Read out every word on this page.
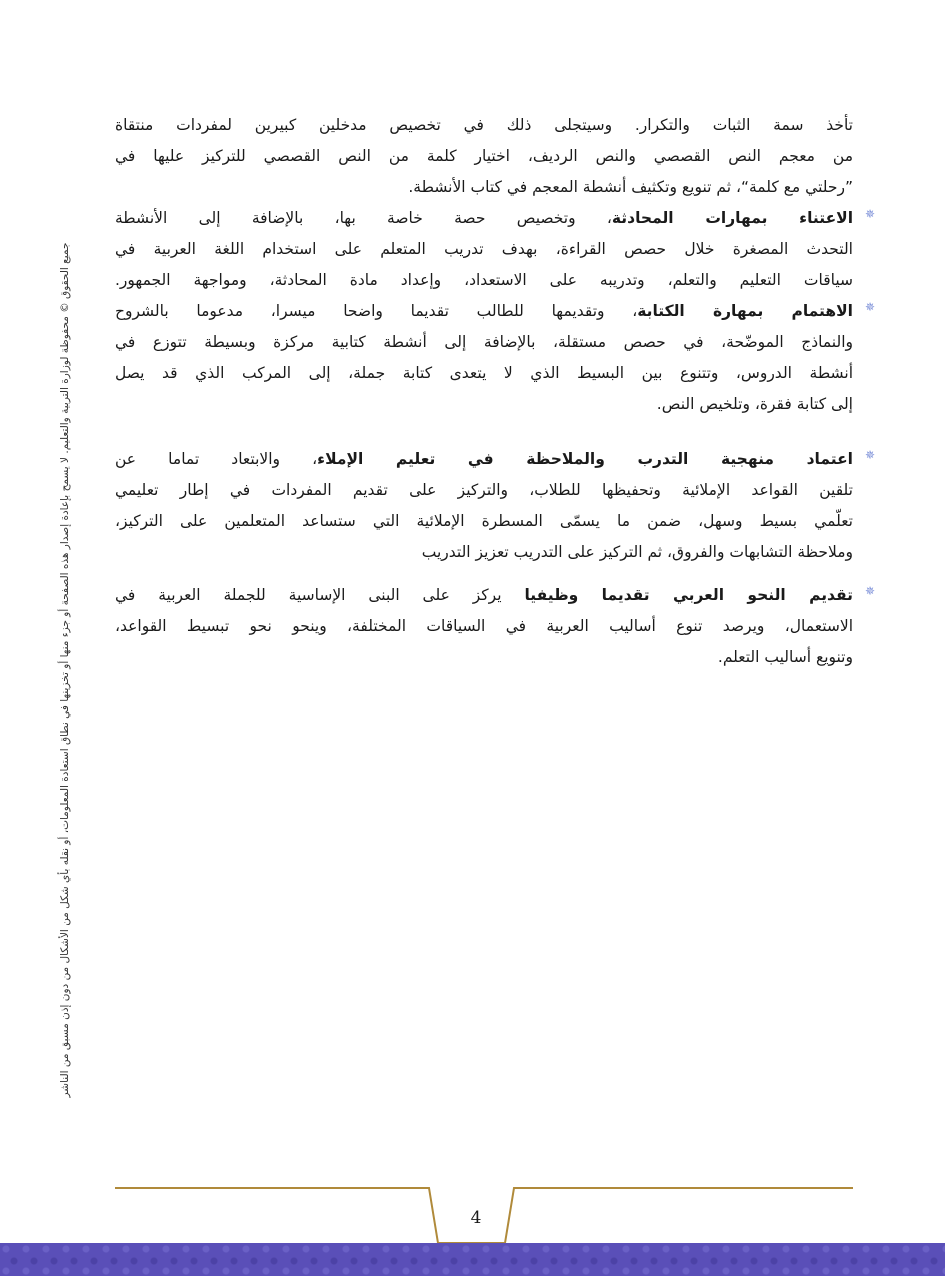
جميع الحقوق © محفوظة لوزارة التربية والتعليم. لا يسمح بإعادة إصدار هذه الصفحة أو جزء منها أو تخزينها في نطاق استعادة المعلومات، أو نقله بأي شكل من الأشكال من دون إذن مسبق من الناشر
تأخذ سمة الثبات والتكرار. وسيتجلى ذلك في تخصيص مدخلين كبيرين لمفردات منتقاة
من معجم النص القصصي والنص الرديف، اختيار كلمة من النص القصصي للتركيز عليها في
”رحلتي مع كلمة“، ثم تنويع وتكثيف أنشطة المعجم في كتاب الأنشطة.
✵
الاعتناء بمهارات المحادثة، وتخصيص حصة خاصة بها، بالإضافة إلى الأنشطة
التحدث المصغرة خلال حصص القراءة، بهدف تدريب المتعلم على استخدام اللغة العربية في
سياقات التعليم والتعلم، وتدريبه على الاستعداد، وإعداد مادة المحادثة، ومواجهة الجمهور.
✵
الاهتمام بمهارة الكتابة، وتقديمها للطالب تقديما واضحا ميسرا، مدعوما بالشروح
والنماذج الموضّحة، في حصص مستقلة، بالإضافة إلى أنشطة كتابية مركزة وبسيطة تتوزع في
أنشطة الدروس، وتتنوع بين البسيط الذي لا يتعدى كتابة جملة، إلى المركب الذي قد يصل
إلى كتابة فقرة، وتلخيص النص.
✵
اعتماد منهجية التدرب والملاحظة في تعليم الإملاء، والابتعاد تماما عن
تلقين القواعد الإملائية وتحفيظها للطلاب، والتركيز على تقديم المفردات في إطار تعليمي
تعلّمي بسيط وسهل، ضمن ما يسمّى المسطرة الإملائية التي ستساعد المتعلمين على التركيز،
وملاحظة التشابهات والفروق، ثم التركيز على التدريب تعزيز التدريب
✵
تقديم النحو العربي تقديما وظيفيا يركز على البنى الإساسية للجملة العربية في
الاستعمال، ويرصد تنوع أساليب العربية في السياقات المختلفة، وينحو نحو تبسيط القواعد،
وتنويع أساليب التعلم.
4
